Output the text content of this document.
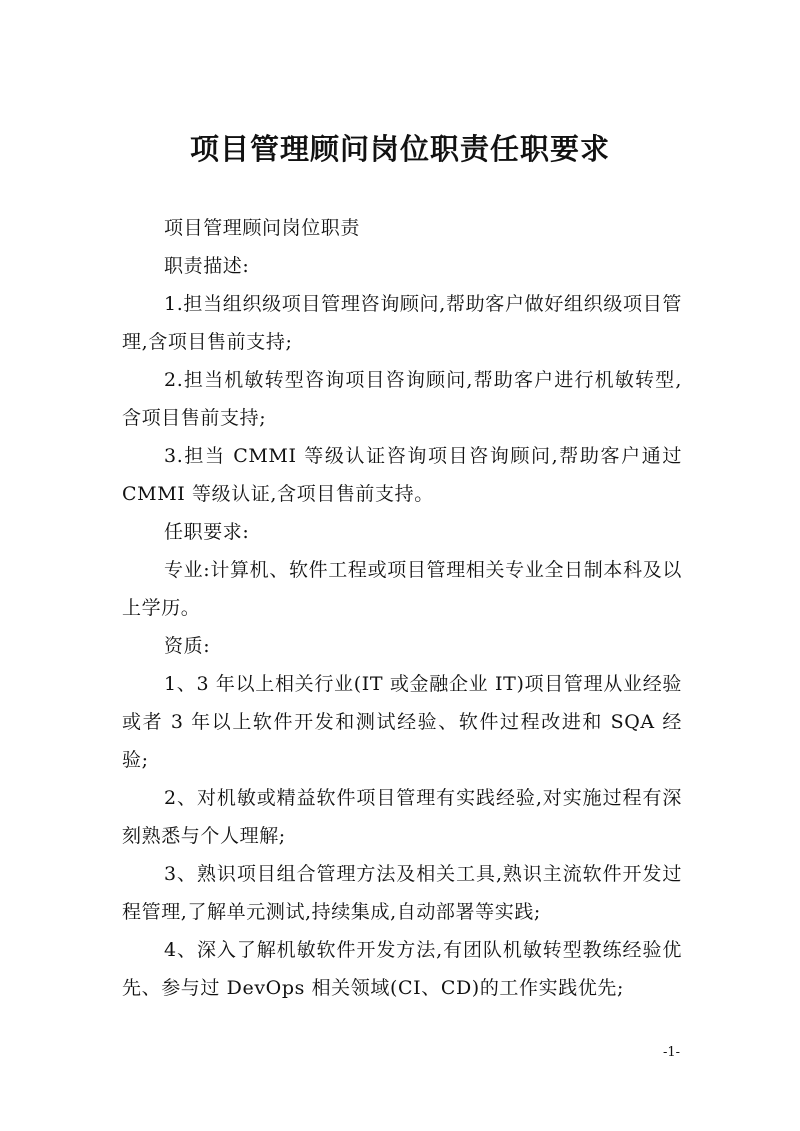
项目管理顾问岗位职责任职要求

项目管理顾问岗位职责

职责描述:

1.担当组织级项目管理咨询顾问,帮助客户做好组织级项目管理,含项目售前支持;

2.担当机敏转型咨询项目咨询顾问,帮助客户进行机敏转型,含项目售前支持;

3.担当 CMMI 等级认证咨询项目咨询顾问,帮助客户通过 CMMI 等级认证,含项目售前支持。

任职要求:

专业:计算机、软件工程或项目管理相关专业全日制本科及以上学历。

资质:

1、3 年以上相关行业(IT 或金融企业 IT)项目管理从业经验或者 3 年以上软件开发和测试经验、软件过程改进和 SQA 经验;

2、对机敏或精益软件项目管理有实践经验,对实施过程有深刻熟悉与个人理解;

3、熟识项目组合管理方法及相关工具,熟识主流软件开发过程管理,了解单元测试,持续集成,自动部署等实践;

4、深入了解机敏软件开发方法,有团队机敏转型教练经验优先、参与过 DevOps 相关领域(CI、CD)的工作实践优先;

-1-
